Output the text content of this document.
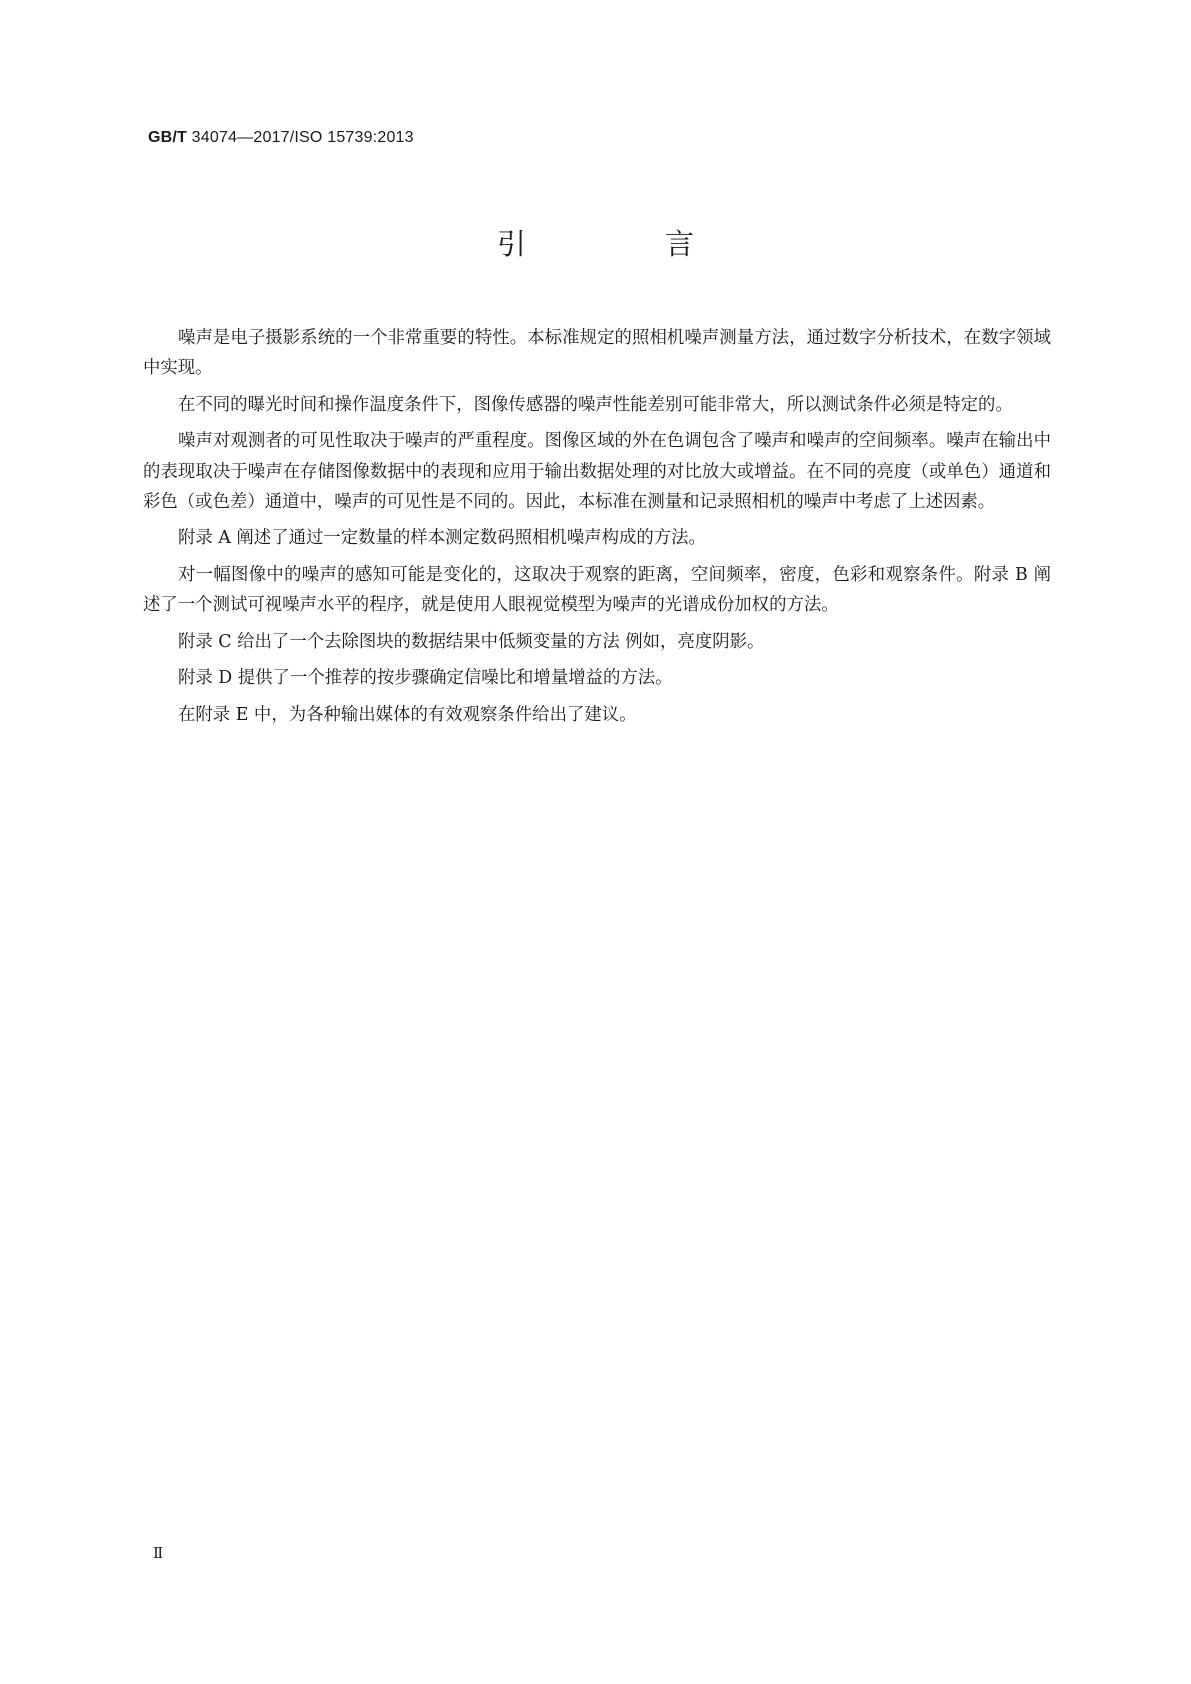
GB/T 34074—2017/ISO 15739:2013
引　言

噪声是电子摄影系统的一个非常重要的特性。本标准规定的照相机噪声测量方法，通过数字分析技术，在数字领域中实现。

在不同的曝光时间和操作温度条件下，图像传感器的噪声性能差别可能非常大，所以测试条件必须是特定的。

噪声对观测者的可见性取决于噪声的严重程度。图像区域的外在色调包含了噪声和噪声的空间频率。噪声在输出中的表现取决于噪声在存储图像数据中的表现和应用于输出数据处理的对比放大或增益。在不同的亮度（或单色）通道和彩色（或色差）通道中，噪声的可见性是不同的。因此，本标准在测量和记录照相机的噪声中考虑了上述因素。

附录 A 阐述了通过一定数量的样本测定数码照相机噪声构成的方法。

对一幅图像中的噪声的感知可能是变化的，这取决于观察的距离，空间频率，密度，色彩和观察条件。附录 B 阐述了一个测试可视噪声水平的程序，就是使用人眼视觉模型为噪声的光谱成份加权的方法。

附录 C 给出了一个去除图块的数据结果中低频变量的方法 例如，亮度阴影。

附录 D 提供了一个推荐的按步骤确定信噪比和增量增益的方法。

在附录 E 中，为各种输出媒体的有效观察条件给出了建议。

Ⅱ
